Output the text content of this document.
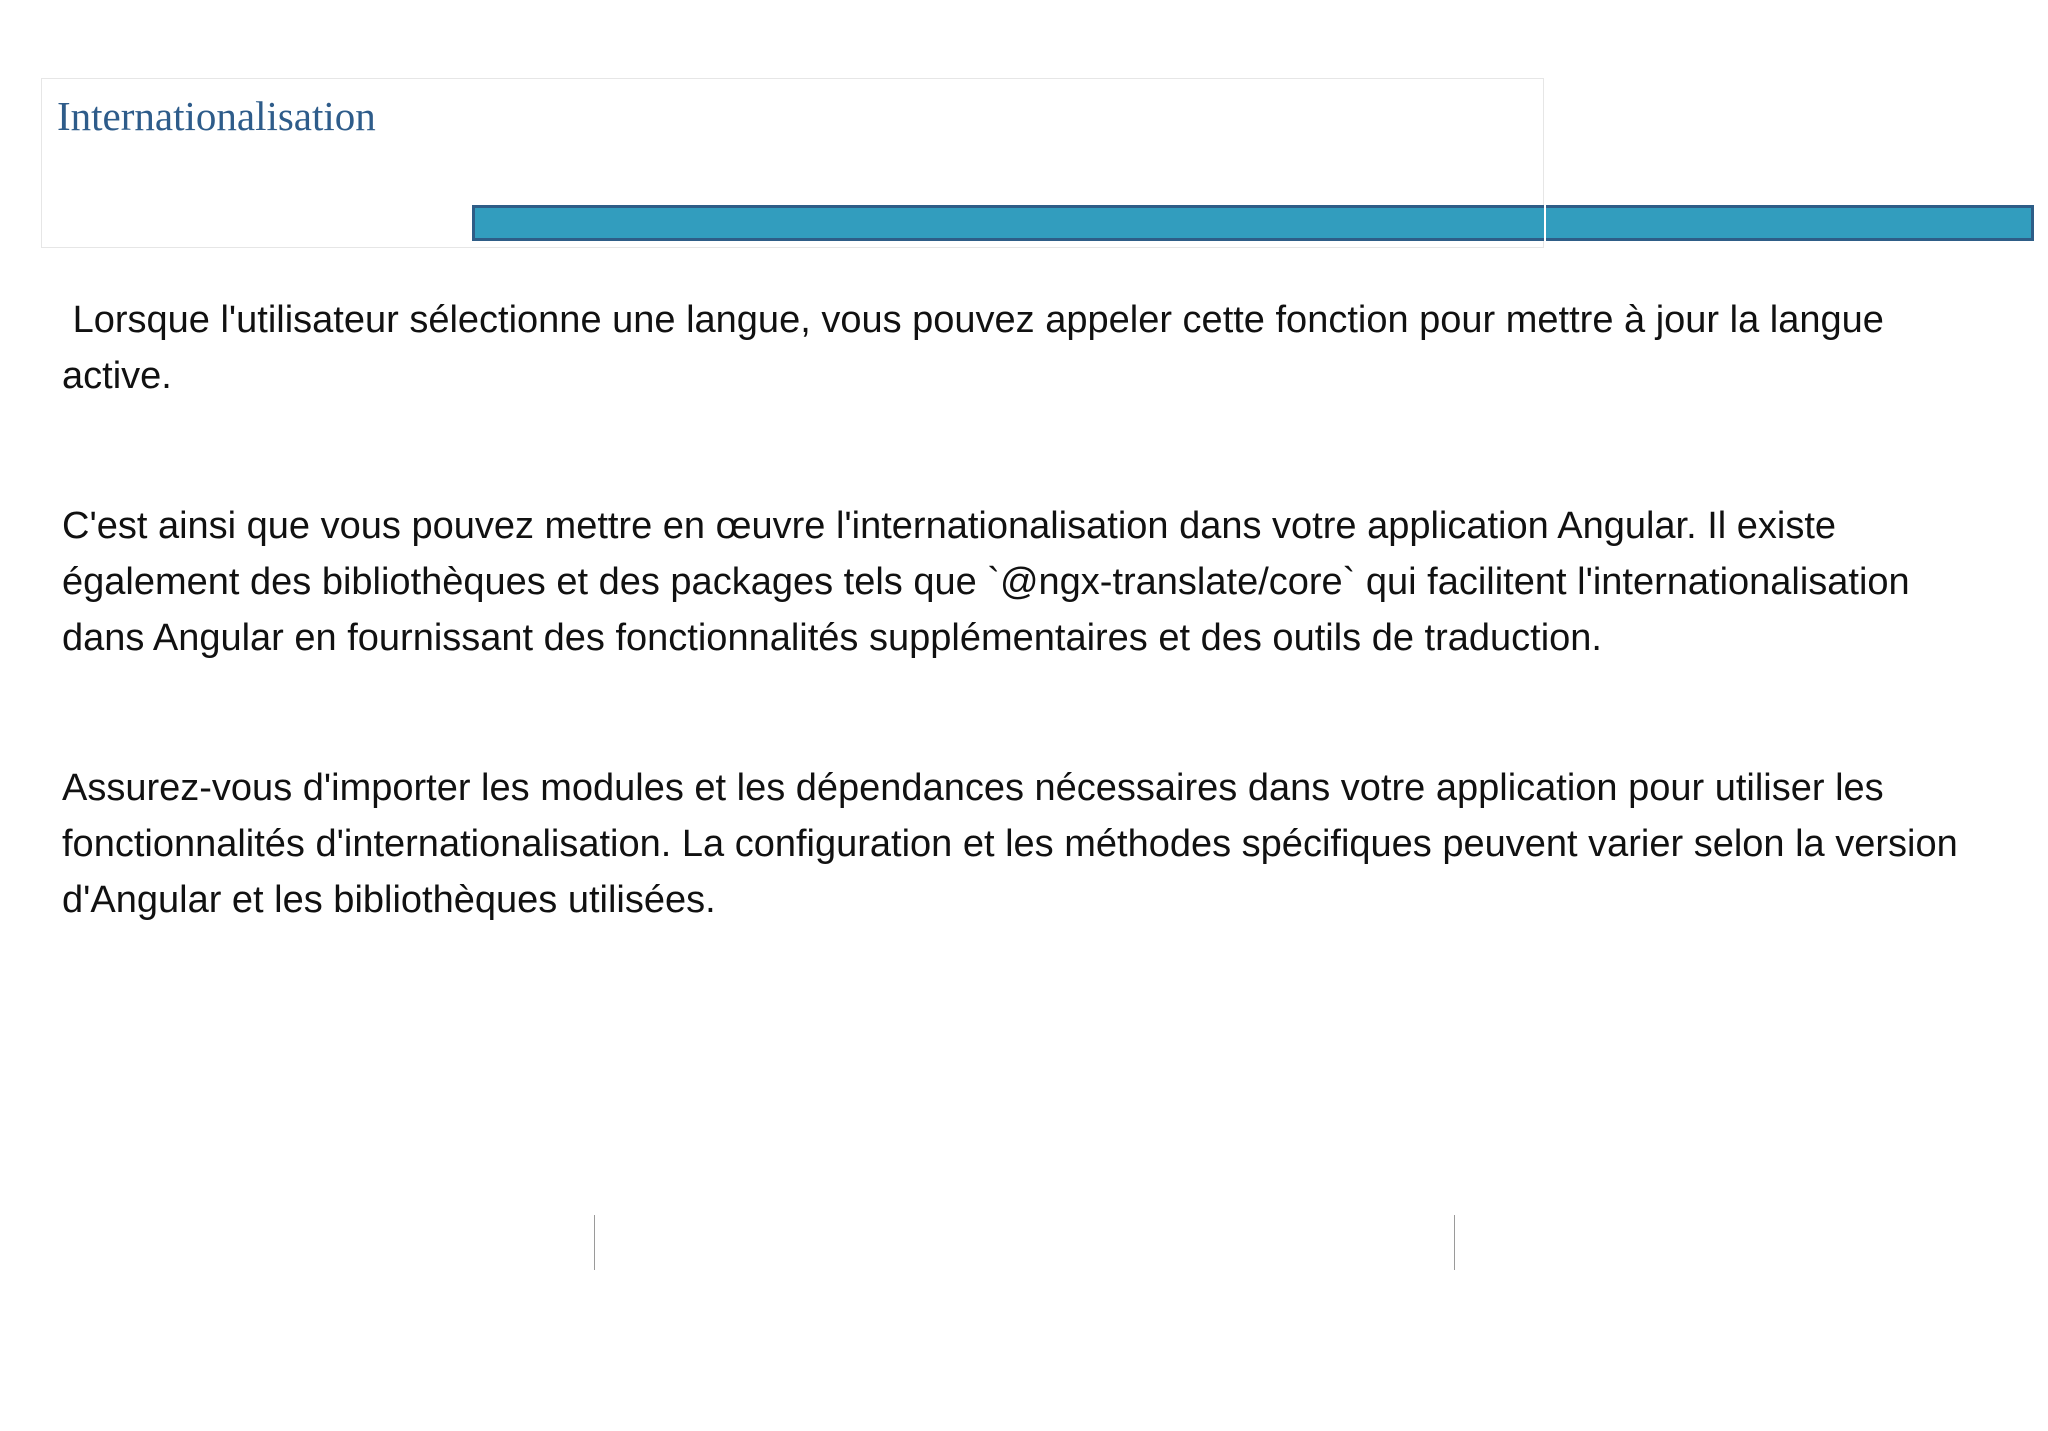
Internationalisation

Lorsque l'utilisateur sélectionne une langue, vous pouvez appeler cette fonction pour mettre à jour la langue active.

C'est ainsi que vous pouvez mettre en œuvre l'internationalisation dans votre application Angular. Il existe également des bibliothèques et des packages tels que `@ngx-translate/core` qui facilitent l'internationalisation dans Angular en fournissant des fonctionnalités supplémentaires et des outils de traduction.

Assurez-vous d'importer les modules et les dépendances nécessaires dans votre application pour utiliser les fonctionnalités d'internationalisation. La configuration et les méthodes spécifiques peuvent varier selon la version d'Angular et les bibliothèques utilisées.
